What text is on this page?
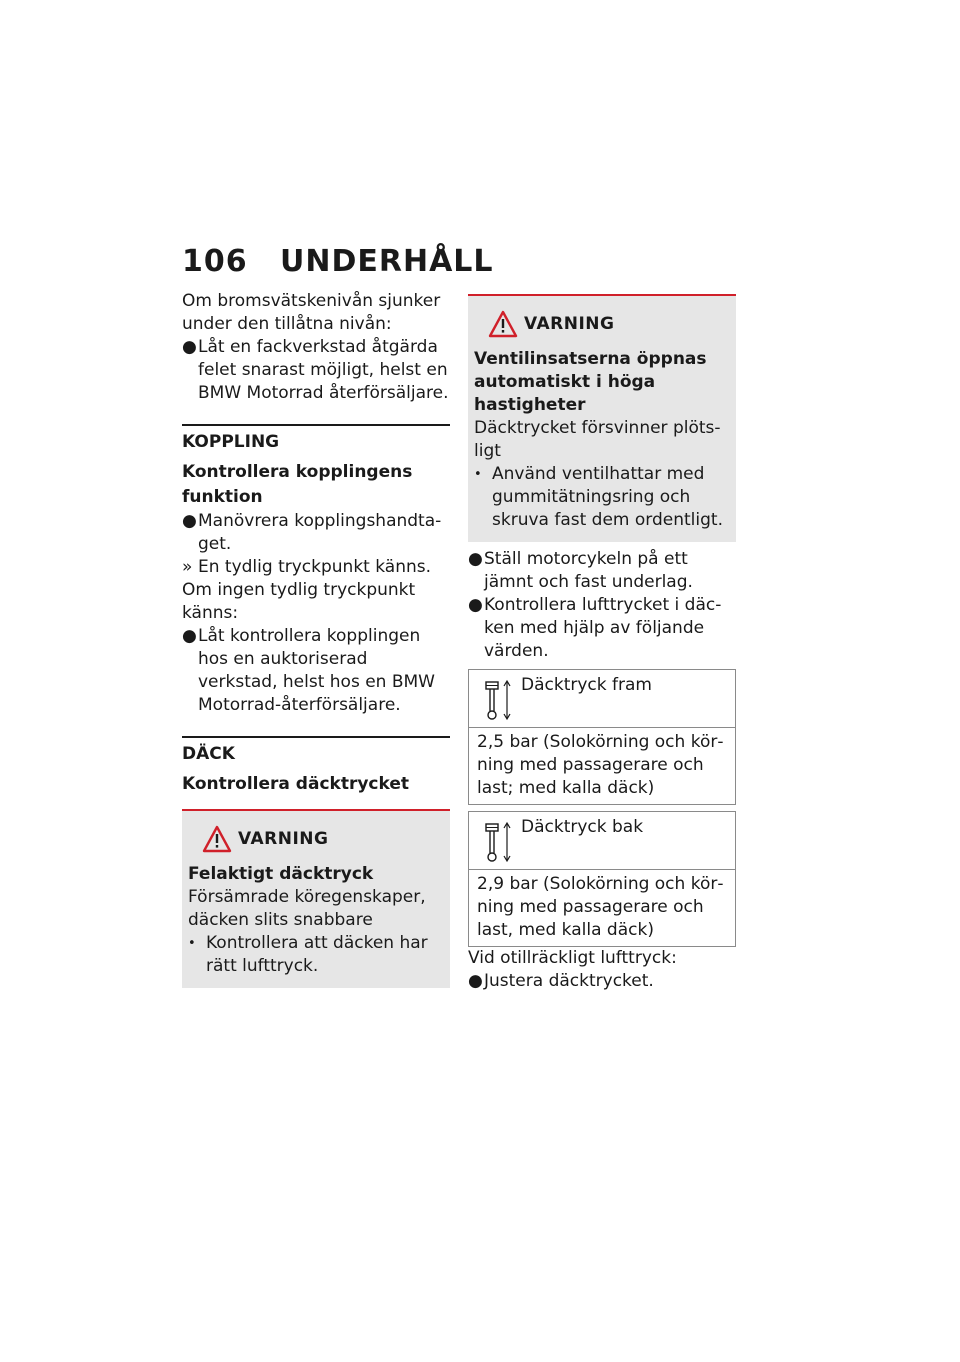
106 UNDERHÅLL

Om bromsvätskenivån sjunker under den tillåtna nivån:

● Låt en fackverkstad åtgärda felet snarast möjligt, helst en BMW Motorrad återförsäljare.
KOPPLING
Kontrollera kopplingens funktion
● Manövrera kopplingshandtaget.
» En tydlig tryckpunkt känns.

Om ingen tydlig tryckpunkt känns:

● Låt kontrollera kopplingen hos en auktoriserad verkstad, helst hos en BMW Motorrad-återförsäljare.
DÄCK
Kontrollera däcktrycket
VARNING
Felaktigt däcktryck

Försämrade köregenskaper, däcken slits snabbare

• Kontrollera att däcken har rätt lufttryck.
VARNING
Ventilinsatserna öppnas automatiskt i höga hastigheter

Däcktrycket försvinner plötsligt

• Använd ventilhattar med gummitätningsring och skruva fast dem ordentligt.
● Ställ motorcykeln på ett jämnt och fast underlag.
● Kontrollera lufttrycket i däcken med hjälp av följande värden.
Däcktryck fram
2,5 bar (Solokörning och körning med passagerare och last; med kalla däck)
Däcktryck bak
2,9 bar (Solokörning och körning med passagerare och last, med kalla däck)

Vid otillräckligt lufttryck:

● Justera däcktrycket.
